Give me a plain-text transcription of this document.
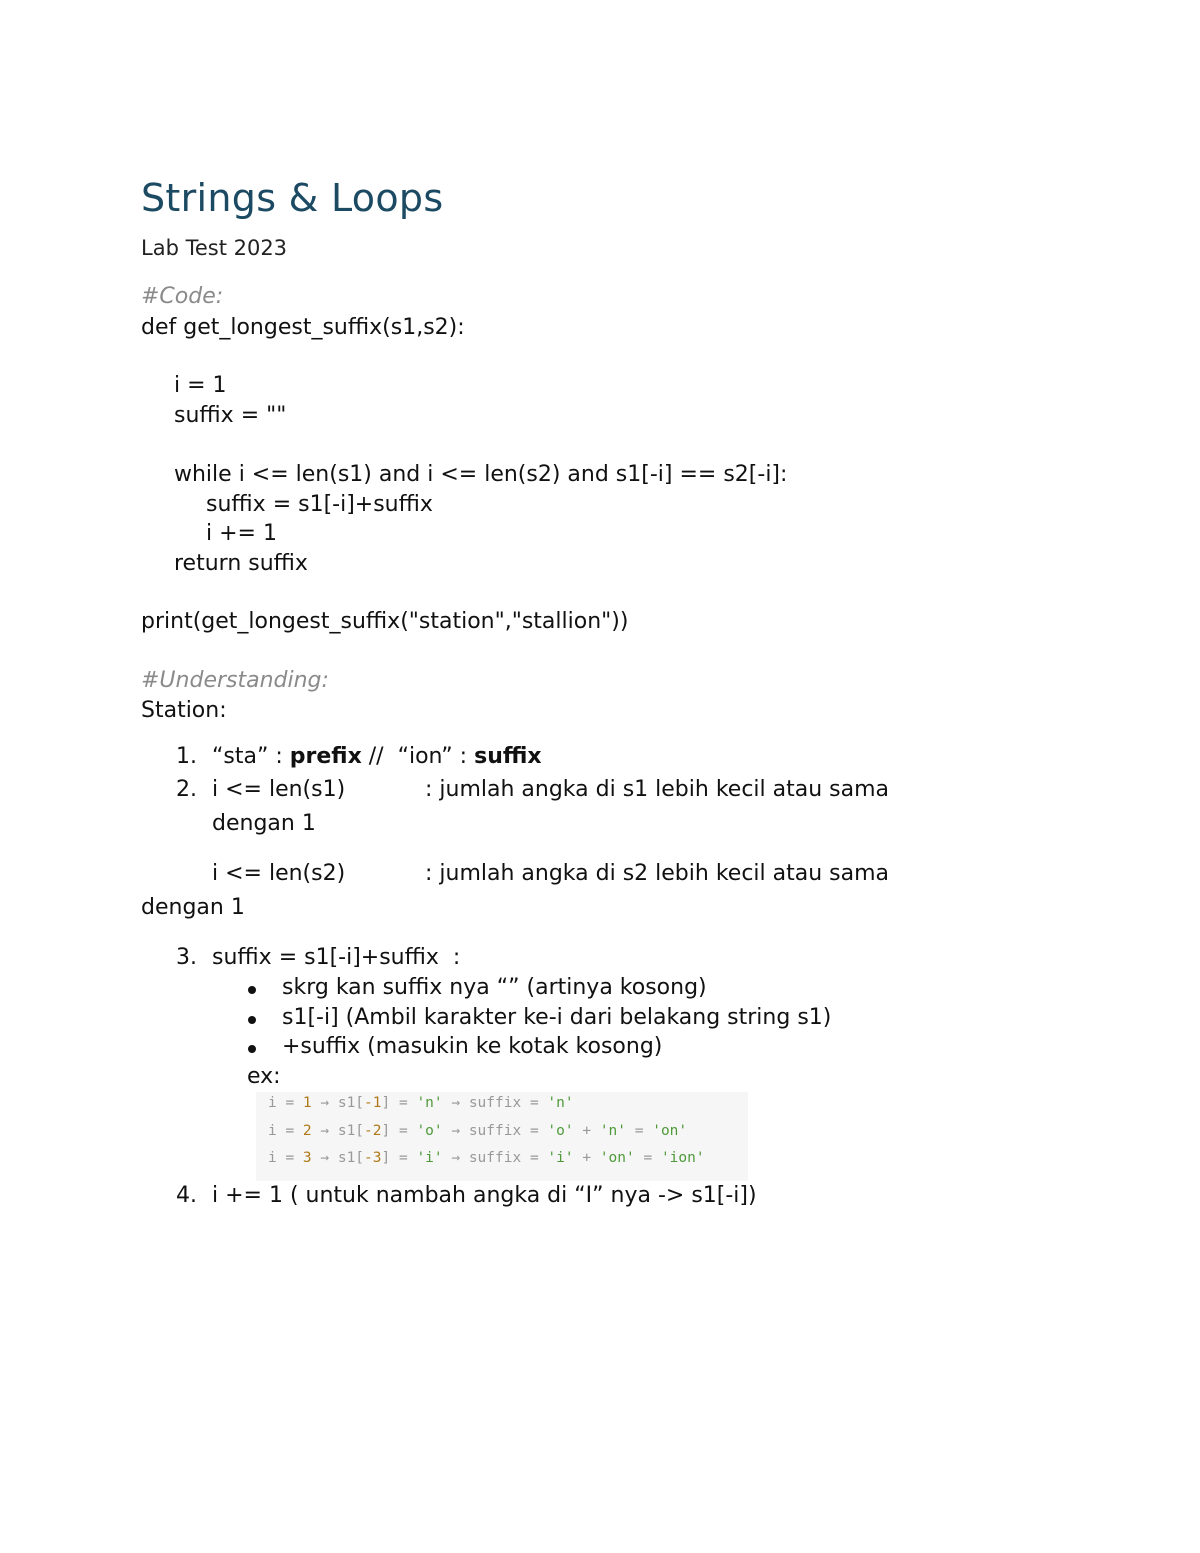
Strings & Loops
Lab Test 2023
#Code:
def get_longest_suffix(s1,s2):
i = 1
suffix = ""
while i <= len(s1) and i <= len(s2) and s1[-i] == s2[-i]:
suffix = s1[-i]+suffix
i += 1
return suffix
print(get_longest_suffix("station","stallion"))
#Understanding:
Station:
1. “sta” : prefix //  “ion” : suffix
2. i <= len(s1)	: jumlah angka di s1 lebih kecil atau sama
dengan 1
i <= len(s2)	: jumlah angka di s2 lebih kecil atau sama
dengan 1
3. suffix = s1[-i]+suffix  :
skrg kan suffix nya “” (artinya kosong)
s1[-i] (Ambil karakter ke-i dari belakang string s1)
+suffix (masukin ke kotak kosong)
ex:
i = 1 → s1[-1] = 'n' → suffix = 'n'
i = 2 → s1[-2] = 'o' → suffix = 'o' + 'n' = 'on'
i = 3 → s1[-3] = 'i' → suffix = 'i' + 'on' = 'ion'
4. i += 1 ( untuk nambah angka di “I” nya -> s1[-i])
